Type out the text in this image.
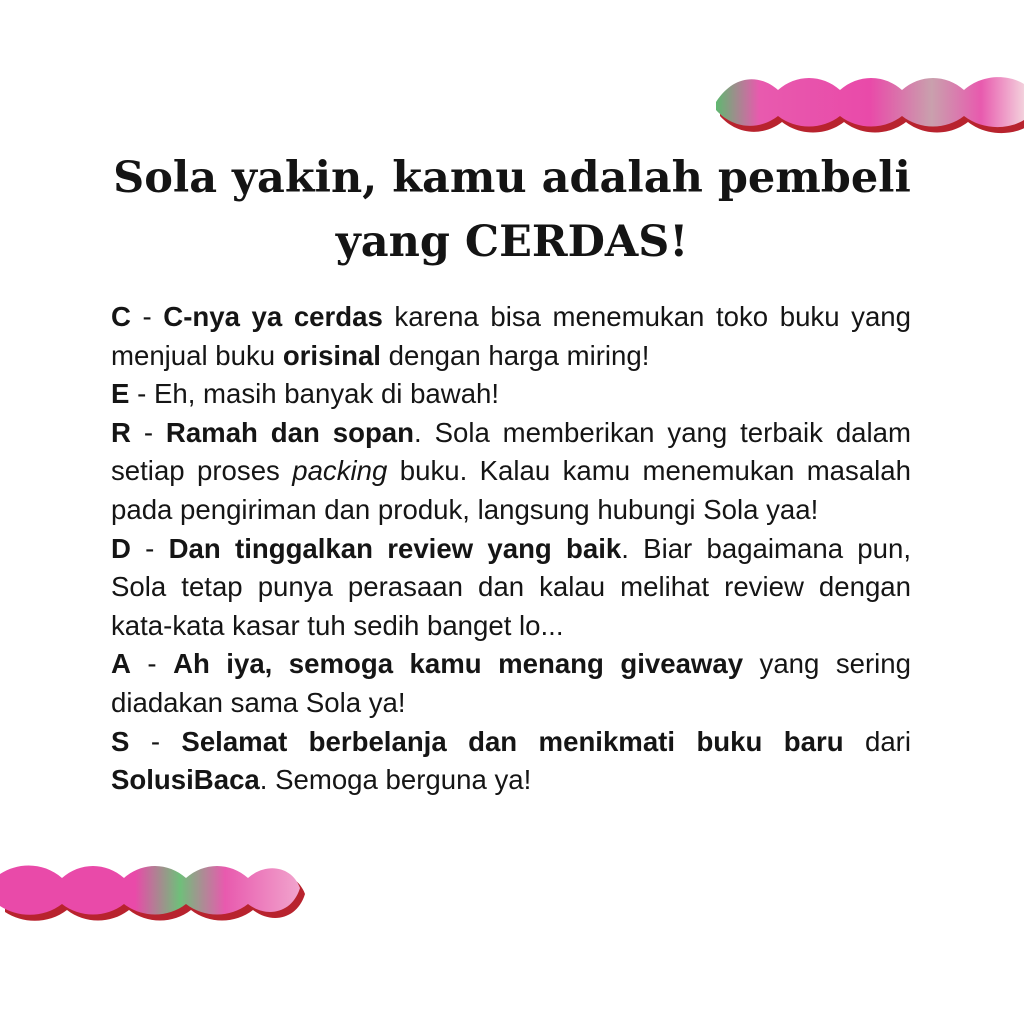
Sola yakin, kamu adalah pembeli
yang CERDAS!

C - C-nya ya cerdas karena bisa menemukan toko buku yang menjual buku orisinal dengan harga miring!

E - Eh, masih banyak di bawah!

R - Ramah dan sopan. Sola memberikan yang terbaik dalam setiap proses packing buku. Kalau kamu menemukan masalah pada pengiriman dan produk, langsung hubungi Sola yaa!

D - Dan tinggalkan review yang baik. Biar bagaimana pun, Sola tetap punya perasaan dan kalau melihat review dengan kata-kata kasar tuh sedih banget lo...

A - Ah iya, semoga kamu menang giveaway yang sering diadakan sama Sola ya!

S - Selamat berbelanja dan menikmati buku baru dari SolusiBaca. Semoga berguna ya!
